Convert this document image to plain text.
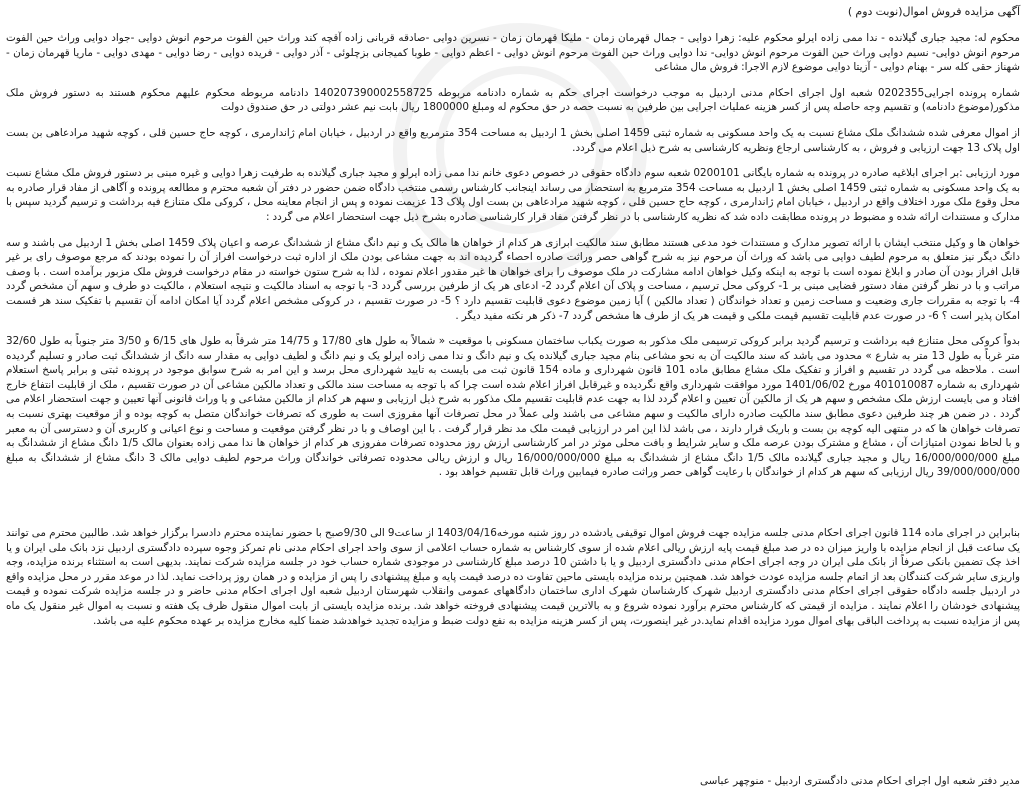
آگهی مزایده فروش اموال(نوبت دوم )

محکوم له: مجید جباری گیلانده - ندا ممی زاده ایرلو محکوم علیه: زهرا دوایی - جمال قهرمان زمان - ملیکا قهرمان زمان - نسرین دوایی -صادقه قربانی زاده آقچه کند وراث حین الفوت مرحوم انوش دوایی -جواد دوایی وراث حین الفوت مرحوم انوش دوایی- نسیم دوایی وراث حین الفوت مرحوم انوش دوایی- ندا دوایی وراث حین الفوت مرحوم انوش دوایی - اعظم دوایی - طوبا کمیجانی بزچلوئی - آذر دوایی - فریده دوایی - رضا دوایی - مهدی دوایی - ماریا قهرمان زمان - شهناز حقی کله سر - بهنام دوایی - آزیتا دوایی موضوع لازم الاجرا: فروش مال مشاعی

شماره پرونده اجرایی0202355 شعبه اول اجرای احکام مدنی اردبیل به موجب درخواست اجرای حکم به شماره دادنامه مربوطه 140207390002558725 دادنامه مربوطه محکوم علیهم محکوم هستند به دستور فروش ملک مذکور(موضوع دادنامه) و تقسیم وجه حاصله پس از کسر هزینه عملیات اجرایی بین طرفین به نسبت حصه در حق محکوم له ومبلغ 1800000 ریال بابت نیم عشر دولتی در حق صندوق دولت

از اموال معرفی شده ششدانگ ملک مشاع نسبت به یک واحد مسکونی به شماره ثبتی 1459 اصلی بخش 1 اردبیل به مساحت 354 مترمربع واقع در اردبیل ، خیابان امام ژاندارمری ، کوچه حاج حسین قلی ، کوچه شهید مرادعاهی بن بست اول پلاک 13 جهت ارزیابی و فروش ، به کارشناسی ارجاع ونظریه کارشناسی به شرح ذیل اعلام می گردد.

مورد ارزیابی :بر اجرای ابلاغیه صادره در پرونده به شماره بایگانی 0200101 شعبه سوم دادگاه حقوقی در خصوص دعوی خانم ندا ممی زاده ایرلو و مجید جباری گیلانده به طرفیت زهرا دوایی و غیره مبنی بر دستور فروش ملک مشاع نسبت به یک واحد مسکونی به شماره ثبتی 1459 اصلی بخش 1 اردبیل به مساحت 354 مترمربع به استحضار می رساند اینجانب کارشناس رسمی منتخب دادگاه ضمن حضور در دفتر آن شعبه محترم و مطالعه پرونده و آگاهی از مفاد قرار صادره به محل وقوع ملک مورد اختلاف واقع در اردبیل ، خیابان امام ژاندارمری ، کوچه حاج حسین قلی ، کوچه شهید مرادعاهی بن بست اول پلاک 13 عزیمت نموده و پس از انجام معاینه محل ، کروکی ملک متنازع فیه برداشت و ترسیم گردید سپس با مدارک و مستندات ارائه شده و مضبوط در پرونده مطابقت داده شد که نظریه کارشناسی با در نظر گرفتن مفاد قرار کارشناسی صادره بشرح ذیل جهت استحضار اعلام می گردد :

خواهان ها و وکیل منتخب ایشان با ارائه تصویر مدارک و مستندات خود مدعی هستند مطابق سند مالکیت ابرازی هر کدام از خواهان ها مالک یک و نیم دانگ مشاع از ششدانگ عرصه و اعیان پلاک 1459 اصلی بخش 1 اردبیل می باشند و سه دانگ دیگر نیز متعلق به مرحوم لطیف دوایی می باشد که وراث آن مرحوم نیز به شرح گواهی حصر وراثت صادره احصاء گردیده اند به جهت مشاعی بودن ملک از اداره ثبت درخواست افراز آن را نموده بودند که مرجع موصوف رای بر غیر قابل افراز بودن آن صادر و ابلاغ نموده است با توجه به اینکه وکیل خواهان ادامه مشارکت در ملک موصوف را برای خواهان ها غیر مقدور اعلام نموده ، لذا به شرح ستون خواسته در مقام درخواست فروش ملک مزبور برآمده است . با وصف مراتب و با در نظر گرفتن مفاد دستور قضایی مبنی بر 1- کروکی محل ترسیم ، مساحت و پلاک آن اعلام گردد 2- ادعای هر یک از طرفین بررسی گردد 3- با توجه به اسناد مالکیت و نتیجه استعلام ، مالکیت دو طرف و سهم آن مشخص گردد 4- با توجه به مقررات جاری وضعیت و مساحت زمین و تعداد خواندگان ( تعداد مالکین ) آیا زمین موضوع دعوی قابلیت تقسیم دارد ؟ 5- در صورت تقسیم ، در کروکی مشخص اعلام گردد آیا امکان ادامه آن تقسیم با تفکیک سند هر قسمت امکان پذیر است ؟ 6- در صورت عدم قابلیت تقسیم قیمت ملکی و قیمت هر یک از طرف ها مشخص گردد 7- ذکر هر نکته مفید دیگر .

بدواً کروکی محل متنازع فیه برداشت و ترسیم گردید برابر کروکی ترسیمی ملک مذکور به صورت یکباب ساختمان مسکونی با موقعیت « شمالاً به طول های 17/80 و 14/75 متر شرقاً به طول های 6/15 و 3/50 متر جنوباً به طول 32/60 متر غرباً به طول 13 متر به شارع » محدود می باشد که سند مالکیت آن به نحو مشاعی بنام مجید جباری گیلانده یک و نیم دانگ و ندا ممی زاده ایرلو یک و نیم دانگ و لطیف دوایی به مقدار سه دانگ از ششدانگ ثبت صادر و تسلیم گردیده است . ملاحظه می گردد در تقسیم و افراز و تفکیک ملک مشاع مطابق ماده 101 قانون شهرداری و ماده 154 قانون ثبت می بایست به تایید شهرداری محل برسد و این امر به شرح سوابق موجود در پرونده ثبتی و برابر پاسخ استعلام شهرداری به شماره 401010087 مورخ 1401/06/02 مورد موافقت شهرداری واقع نگردیده و غیرقابل افراز اعلام شده است چرا که با توجه به مساحت سند مالکی و تعداد مالکین مشاعی آن در صورت تقسیم ، ملک از قابلیت انتفاع خارج افتاد و می بایست ارزش ملک مشخص و سهم هر یک از مالکین آن تعیین و اعلام گردد لذا به جهت عدم قابلیت تقسیم ملک مذکور به شرح ذیل ارزیابی و سهم هر کدام از مالکین مشاعی و یا وراث قانونی آنها تعیین و جهت استحضار اعلام می گردد . در ضمن هر چند طرفین دعوی مطابق سند مالکیت صادره دارای مالکیت و سهم مشاعی می باشند ولی عملاً در محل تصرفات آنها مفروزی است به طوری که تصرفات خواندگان متصل به کوچه بوده و از موقعیت بهتری نسبت به تصرفات خواهان ها که در منتهی الیه کوچه بن بست و باریک قرار دارند ، می باشد لذا این امر در ارزیابی قیمت ملک مد نظر قرار گرفت . با این اوصاف و با در نظر گرفتن موقعیت و مساحت و نوع اعیانی و کاربری آن و دسترسی آن به معبر و با لحاظ نمودن امتیازات آن ، مشاع و مشترک بودن عرصه ملک و سایر شرایط و بافت محلی موثر در امر کارشناسی ارزش روز محدوده تصرفات مفروزی هر کدام از خواهان ها ندا ممی زاده بعنوان مالک 1/5 دانگ مشاع از ششدانگ به مبلغ 16/000/000/000 ریال و مجید جباری گیلانده مالک 1/5 دانگ مشاع از ششدانگ به مبلغ 16/000/000/000 ریال و ارزش ریالی محدوده تصرفاتی خواندگان وراث مرحوم لطیف دوایی مالک 3 دانگ مشاع از ششدانگ به مبلغ 39/000/000/000 ریال ارزیابی که سهم هر کدام از خواندگان با رعایت گواهی حصر وراثت صادره فیمابین وراث قابل تقسیم خواهد بود .

بنابراین در اجرای ماده 114 قانون اجرای احکام مدنی جلسه مزایده جهت فروش اموال توقیفی یادشده در روز شنبه مورخه1403/04/16 از ساعت9 الی 9/30صبح با حضور نماینده محترم دادسرا برگزار خواهد شد. طالبین محترم می توانند یک ساعت قبل از انجام مزایده با واریز میزان ده در صد مبلغ قیمت پایه ارزش ریالی اعلام شده از سوی کارشناس به شماره حساب اعلامی از سوی واحد اجرای احکام مدنی نام تمرکز وجوه سپرده دادگستری اردبیل نزد بانک ملی ایران و یا اخذ چک تضمین بانکی صرفاً از بانک ملی ایران در وجه اجرای احکام مدنی دادگستری اردبیل و یا با داشتن 10 درصد مبلغ کارشناسی در موجودی شماره حساب خود در جلسه مزایده شرکت نمایند. بدیهی است به استثناء برنده مزایده، وجه واریزی سایر شرکت کنندگان بعد از اتمام جلسه مزایده عودت خواهد شد. همچنین برنده مزایده بایستی ماحین تفاوت ده درصد قیمت پایه و مبلغ پیشنهادی را پس از مزایده و در همان روز پرداخت نماید. لذا در موعد مقرر در محل مزایده واقع در اردبیل جلسه دادگاه حقوقی اجرای احکام مدنی دادگستری اردبیل شهرک کارشناسان شهرک اداری ساختمان دادگاههای عمومی وانقلاب شهرستان اردبیل شعبه اول اجرای احکام مدنی حاضر و در جلسه مزایده شرکت نموده و قیمت پیشنهادی خودشان را اعلام نمایند . مزایده از قیمتی که کارشناس محترم برآورد نموده شروع و به بالاترین قیمت پیشنهادی فروخته خواهد شد. برنده مزایده بایستی از بابت اموال منقول ظرف یک هفته و نسبت به اموال غیر منقول یک ماه پس از مزایده نسبت به پرداخت الباقی بهای اموال مورد مزایده اقدام نماید.در غیر اینصورت، پس از کسر هزینه مزایده به نفع دولت ضبط و مزایده تجدید خواهدشد ضمنا کلیه مخارج مزایده بر عهده محکوم علیه می باشد.

مدیر دفتر شعبه اول اجرای احکام مدنی دادگستری اردبیل - منوچهر عباسی
